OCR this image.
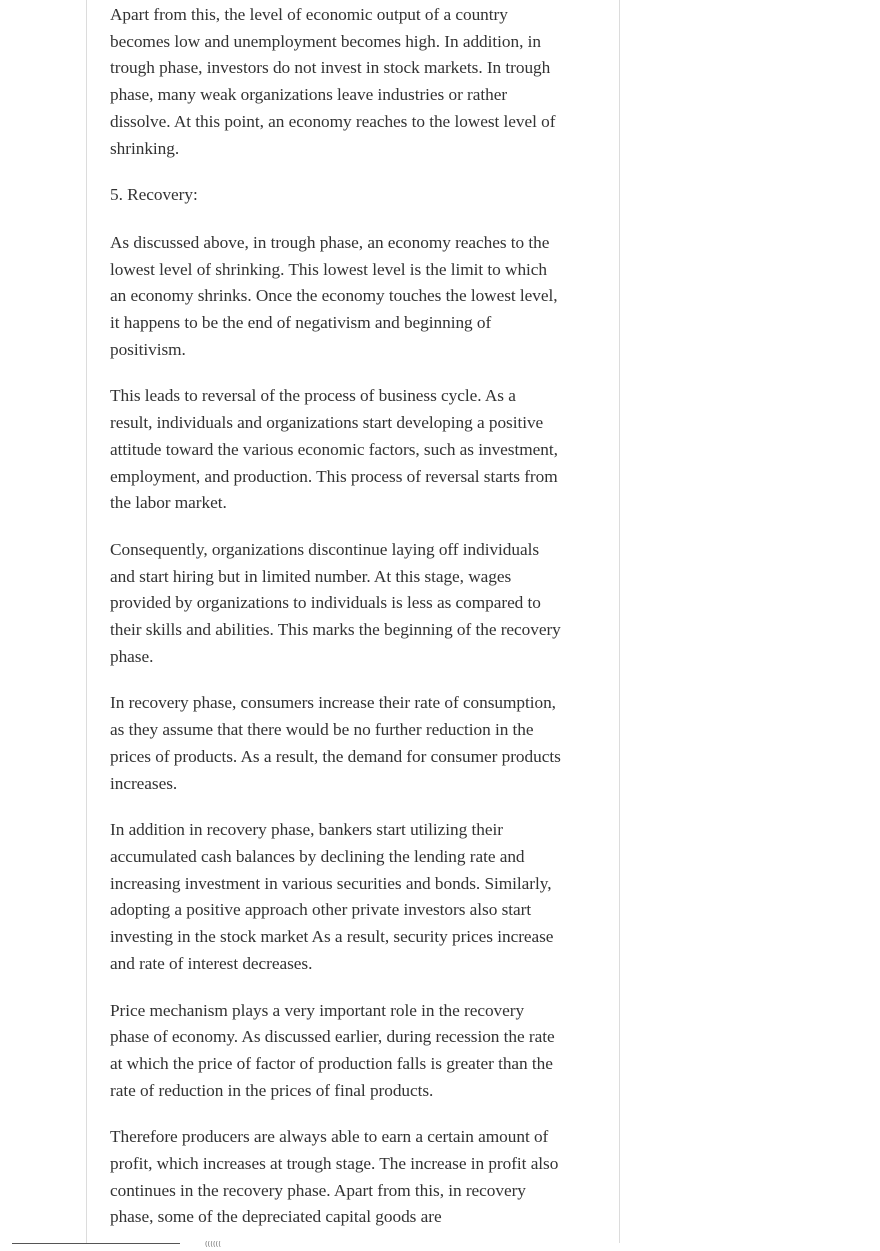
Apart from this, the level of economic output of a country becomes low and unemployment becomes high. In addition, in trough phase, investors do not invest in stock markets. In trough phase, many weak organizations leave industries or rather dissolve. At this point, an economy reaches to the lowest level of shrinking.

5. Recovery:

As discussed above, in trough phase, an economy reaches to the lowest level of shrinking. This lowest level is the limit to which an economy shrinks. Once the economy touches the lowest level, it happens to be the end of negativism and beginning of positivism.

This leads to reversal of the process of business cycle. As a result, individuals and organizations start developing a positive attitude toward the various economic factors, such as investment, employment, and production. This process of reversal starts from the labor market.

Consequently, organizations discontinue laying off individuals and start hiring but in limited number. At this stage, wages provided by organizations to individuals is less as compared to their skills and abilities. This marks the beginning of the recovery phase.

In recovery phase, consumers increase their rate of consumption, as they assume that there would be no further reduction in the prices of products. As a result, the demand for consumer products increases.

In addition in recovery phase, bankers start utilizing their accumulated cash balances by declining the lending rate and increasing investment in various securities and bonds. Similarly, adopting a positive approach other private investors also start investing in the stock market As a result, security prices increase and rate of interest decreases.

Price mechanism plays a very important role in the recovery phase of economy. As discussed earlier, during recession the rate at which the price of factor of production falls is greater than the rate of reduction in the prices of final products.

Therefore producers are always able to earn a certain amount of profit, which increases at trough stage. The increase in profit also continues in the recovery phase. Apart from this, in recovery phase, some of the depreciated capital goods are

((((((
